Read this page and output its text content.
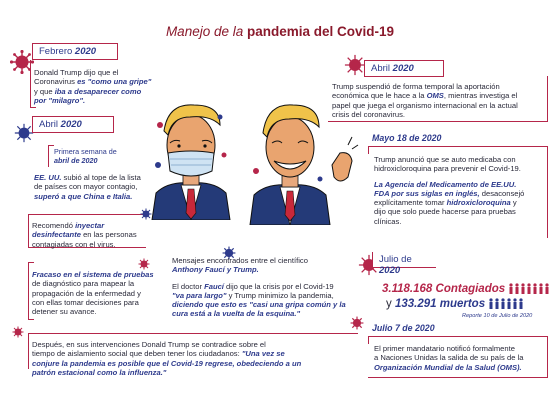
Manejo de la pandemia del Covid-19
Febrero 2020
Donald Trump dijo que el
Coronavirus es "como una gripe"
y que iba a desaparecer como
por "milagro".
Abril 2020
Primera semana de
abril de 2020
EE. UU. subió al tope de la lista
de países con mayor contagio,
superó a que China e Italia.
Recomendó inyectar
desinfectante en las personas
contagiadas con el virus.
Fracaso en el sistema de pruebas
de diagnóstico para mapear la
propagación de la enfermedad y
con ellas tomar decisiones para
detener su avance.
Mensajes encontrados entre el científico
Anthony Faucí y Trump.
El doctor Faucí dijo que la crisis por el Covid-19
"va para largo" y Trump minimizo la pandemia,
diciendo que esto es "casi una gripa común y la
cura está a la vuelta de la esquina."
Después, en sus intervenciones Donald Trump se contradice sobre el
tiempo de aislamiento social que deben tener los ciudadanos: "Una vez se
conjure la pandemia es posible que el Covid-19 regrese, obedeciendo a un
patrón estacional como la influenza."
Abril 2020
Trump suspendió de forma temporal la aportación
económica que le hace a la OMS, mientras investiga el
papel que juega el organismo internacional en la actual
crisis del coronavirus.
Mayo 18 de 2020
Trump anunció que se auto medicaba con
hidroxicloroquina para prevenir el Covid-19.
La Agencia del Medicamento de EE.UU.
FDA por sus siglas en inglés, desaconsejó
explícitamente tomar hidroxicloroquina y
dijo que solo puede hacerse para pruebas
clínicas.
Julio de 2020
3.118.168 Contagiados
y 133.291 muertos
Reporte 10 de Julio de 2020
Julio 7 de 2020
El primer mandatario notificó formalmente
a Naciones Unidas la salida de su país de la
Organización Mundial de la Salud (OMS).
